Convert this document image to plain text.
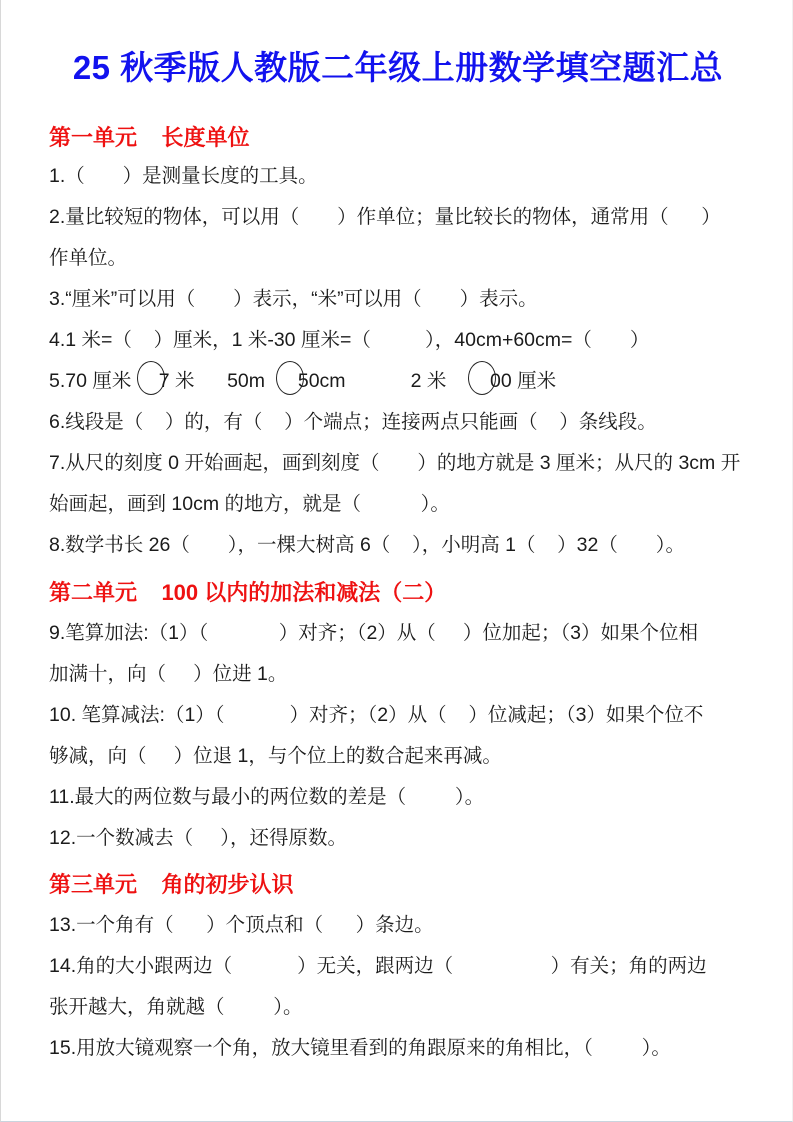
25 秋季版人教版二年级上册数学填空题汇总
第一单元    长度单位

1.（       ）是测量长度的工具。

2.量比较短的物体，可以用（       ）作单位；量比较长的物体，通常用（      ）

作单位。

3.“厘米”可以用（       ）表示，“米”可以用（       ）表示。

4.1 米=（    ）厘米，1 米-30 厘米=（          ），40cm+60cm=（       ）

5.70 厘米 7 米      50m  50cm            2 米    00 厘米

6.线段是（    ）的，有（    ）个端点；连接两点只能画（    ）条线段。

7.从尺的刻度 0 开始画起，画到刻度（       ）的地方就是 3 厘米；从尺的 3cm 开

始画起，画到 10cm 的地方，就是（           ）。

8.数学书长 26（       ），一棵大树高 6（    ），小明高 1（    ）32（       ）。

第二单元    100 以内的加法和减法（二）

9.笔算加法:（1）（             ）对齐；（2）从（     ）位加起；（3）如果个位相

加满十，向（     ）位进 1。

10. 笔算减法:（1）（            ）对齐；（2）从（    ）位减起；（3）如果个位不

够减，向（     ）位退 1，与个位上的数合起来再减。

11.最大的两位数与最小的两位数的差是（         ）。

12.一个数减去（     ），还得原数。

第三单元    角的初步认识

13.一个角有（      ）个顶点和（      ）条边。

14.角的大小跟两边（            ）无关，跟两边（                  ）有关；角的两边

张开越大，角就越（         ）。

15.用放大镜观察一个角，放大镜里看到的角跟原来的角相比，（         ）。
